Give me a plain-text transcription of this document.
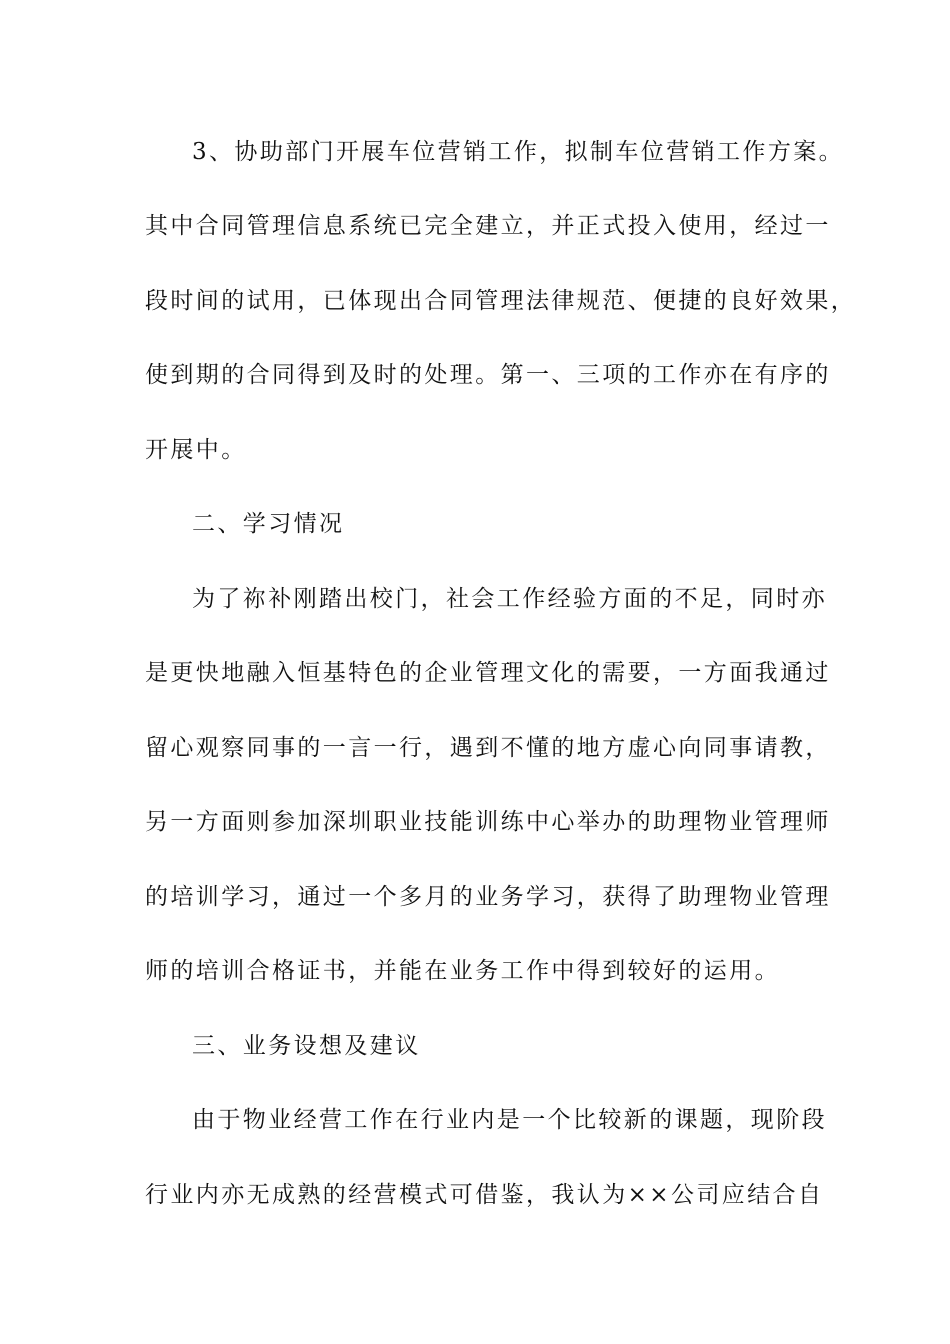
3、协助部门开展车位营销工作，拟制车位营销工作方案。
其中合同管理信息系统已完全建立，并正式投入使用，经过一
段时间的试用，已体现出合同管理法律规范、便捷的良好效果，
使到期的合同得到及时的处理。第一、三项的工作亦在有序的
开展中。
二、学习情况
为了祢补刚踏出校门，社会工作经验方面的不足，同时亦
是更快地融入恒基特色的企业管理文化的需要，一方面我通过
留心观察同事的一言一行，遇到不懂的地方虚心向同事请教，
另一方面则参加深圳职业技能训练中心举办的助理物业管理师
的培训学习，通过一个多月的业务学习，获得了助理物业管理
师的培训合格证书，并能在业务工作中得到较好的运用。
三、业务设想及建议
由于物业经营工作在行业内是一个比较新的课题，现阶段
行业内亦无成熟的经营模式可借鉴，我认为××公司应结合自
